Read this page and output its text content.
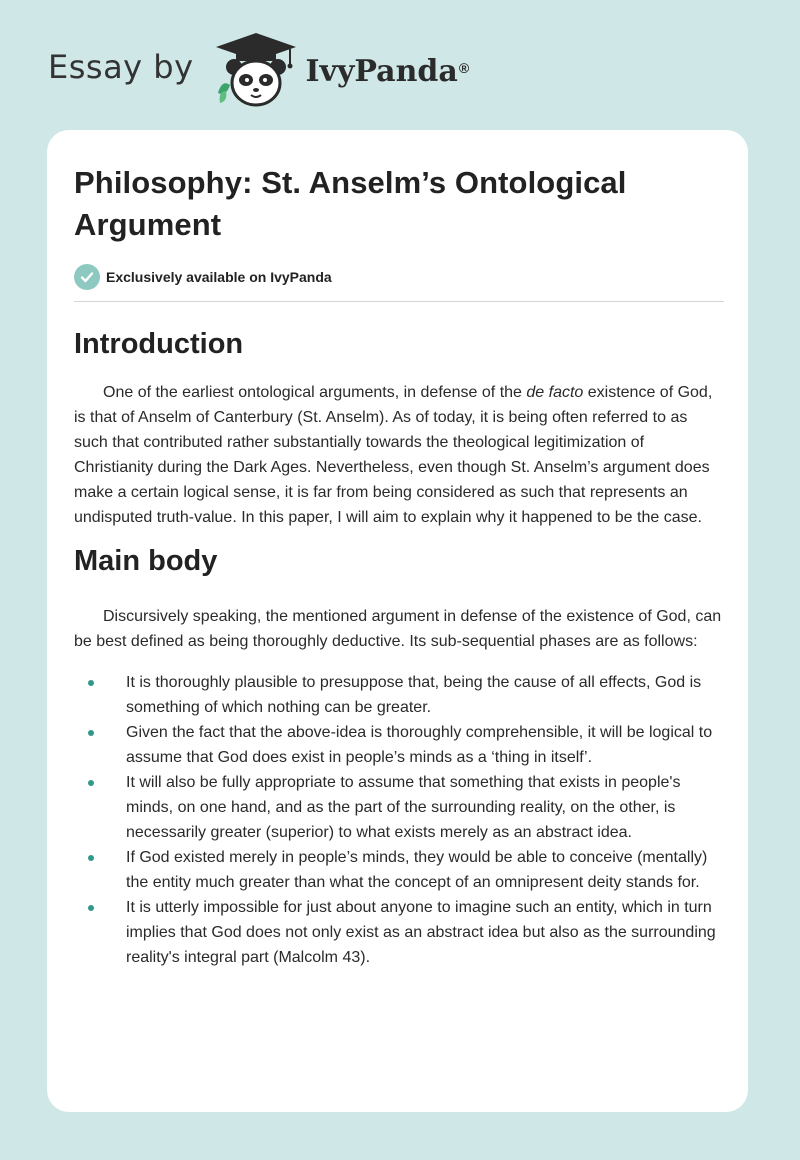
Essay by	IvyPanda®
Philosophy: St. Anselm’s Ontological Argument
Exclusively available on IvyPanda
Introduction

One of the earliest ontological arguments, in defense of the de facto existence of God, is that of Anselm of Canterbury (St. Anselm). As of today, it is being often referred to as such that contributed rather substantially towards the theological legitimization of Christianity during the Dark Ages. Nevertheless, even though St. Anselm’s argument does make a certain logical sense, it is far from being considered as such that represents an undisputed truth-value. In this paper, I will aim to explain why it happened to be the case.

Main body

Discursively speaking, the mentioned argument in defense of the existence of God, can be best defined as being thoroughly deductive. Its sub-sequential phases are as follows:

It is thoroughly plausible to presuppose that, being the cause of all effects, God is something of which nothing can be greater.
Given the fact that the above-idea is thoroughly comprehensible, it will be logical to assume that God does exist in people’s minds as a ‘thing in itself’.
It will also be fully appropriate to assume that something that exists in people's minds, on one hand, and as the part of the surrounding reality, on the other, is necessarily greater (superior) to what exists merely as an abstract idea.
If God existed merely in people’s minds, they would be able to conceive (mentally) the entity much greater than what the concept of an omnipresent deity stands for.
It is utterly impossible for just about anyone to imagine such an entity, which in turn implies that God does not only exist as an abstract idea but also as the surrounding reality's integral part (Malcolm 43).
